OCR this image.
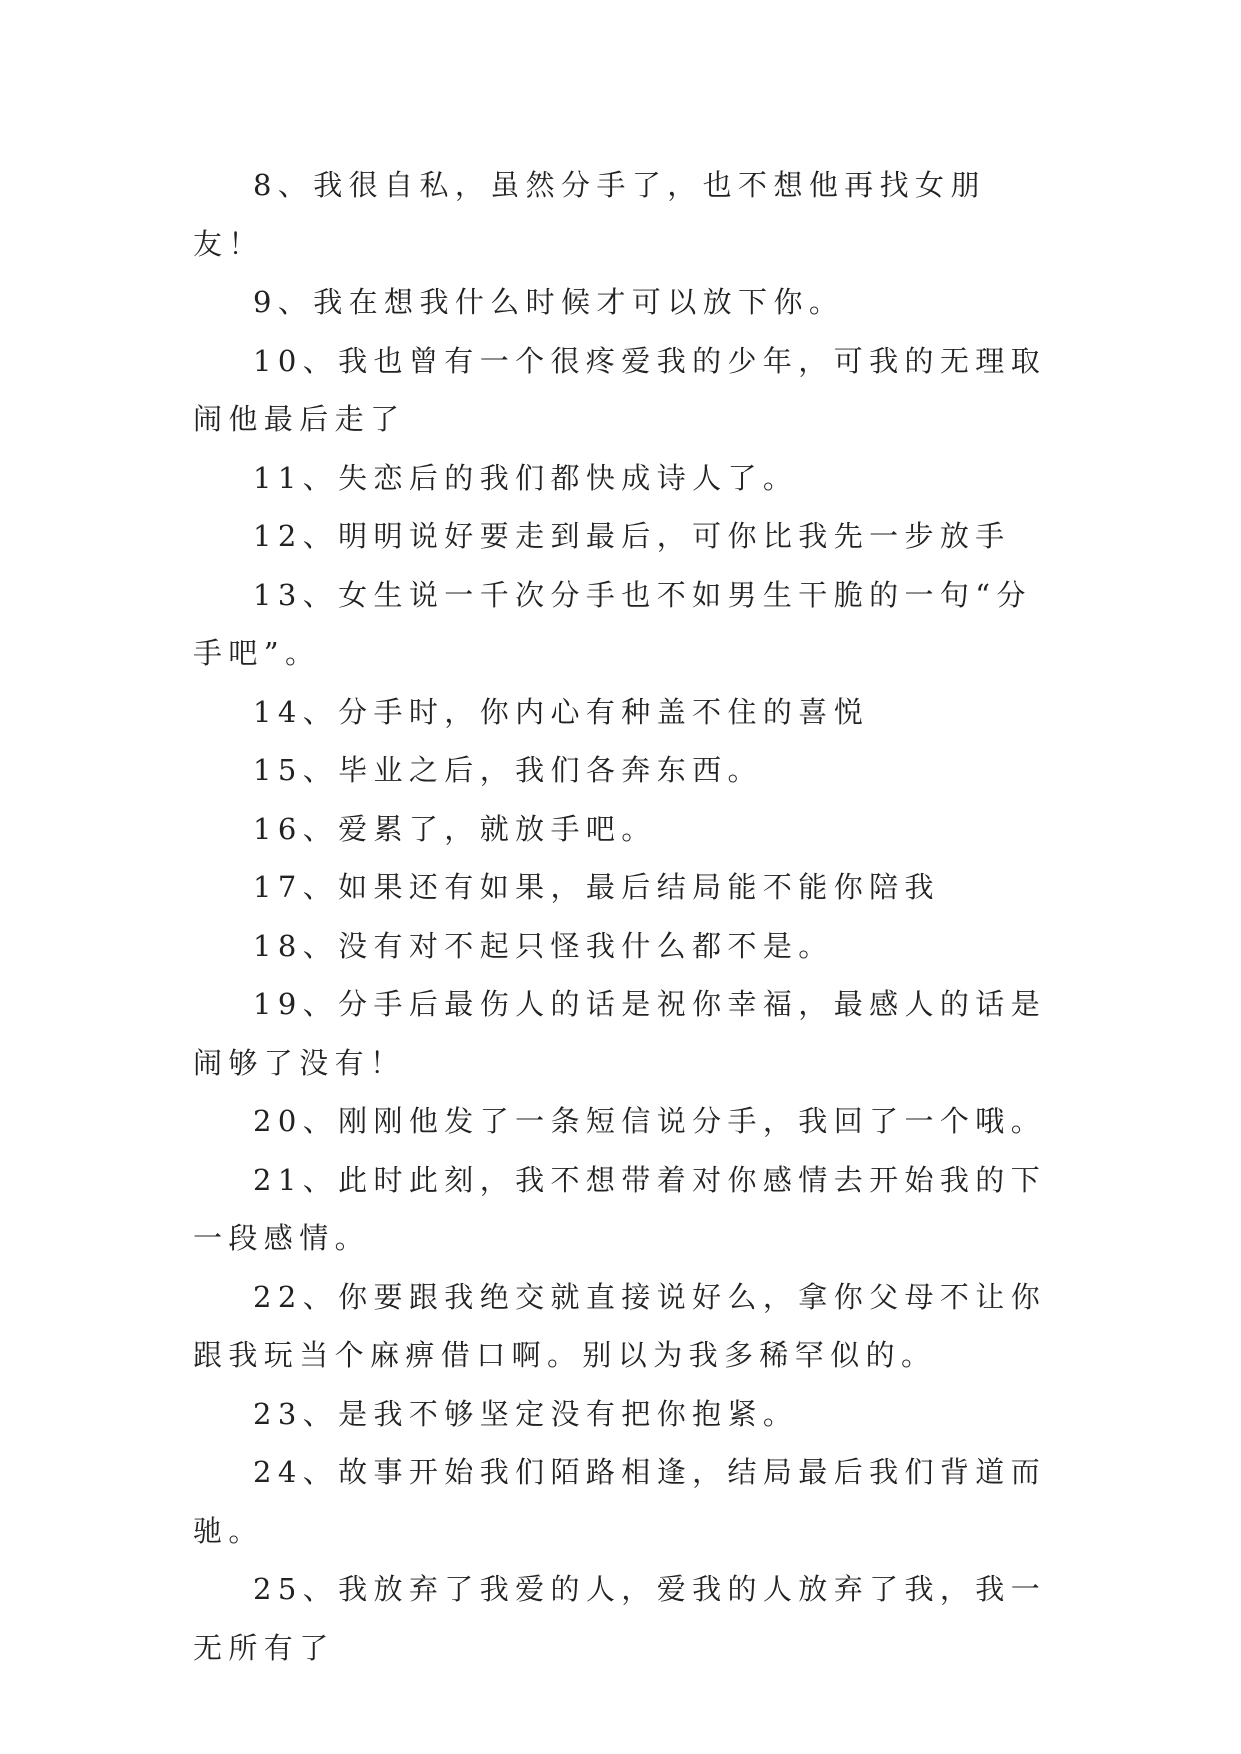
8、我很自私，虽然分手了，也不想他再找女朋友！

9、我在想我什么时候才可以放下你。

10、我也曾有一个很疼爱我的少年，可我的无理取闹他最后走了

11、失恋后的我们都快成诗人了。

12、明明说好要走到最后，可你比我先一步放手

13、女生说一千次分手也不如男生干脆的一句“分手吧”。

14、分手时，你内心有种盖不住的喜悦

15、毕业之后，我们各奔东西。

16、爱累了，就放手吧。

17、如果还有如果，最后结局能不能你陪我

18、没有对不起只怪我什么都不是。

19、分手后最伤人的话是祝你幸福，最感人的话是闹够了没有！

20、刚刚他发了一条短信说分手，我回了一个哦。

21、此时此刻，我不想带着对你感情去开始我的下一段感情。

22、你要跟我绝交就直接说好么，拿你父母不让你跟我玩当个麻痹借口啊。别以为我多稀罕似的。

23、是我不够坚定没有把你抱紧。

24、故事开始我们陌路相逢，结局最后我们背道而驰。

25、我放弃了我爱的人，爱我的人放弃了我，我一无所有了
